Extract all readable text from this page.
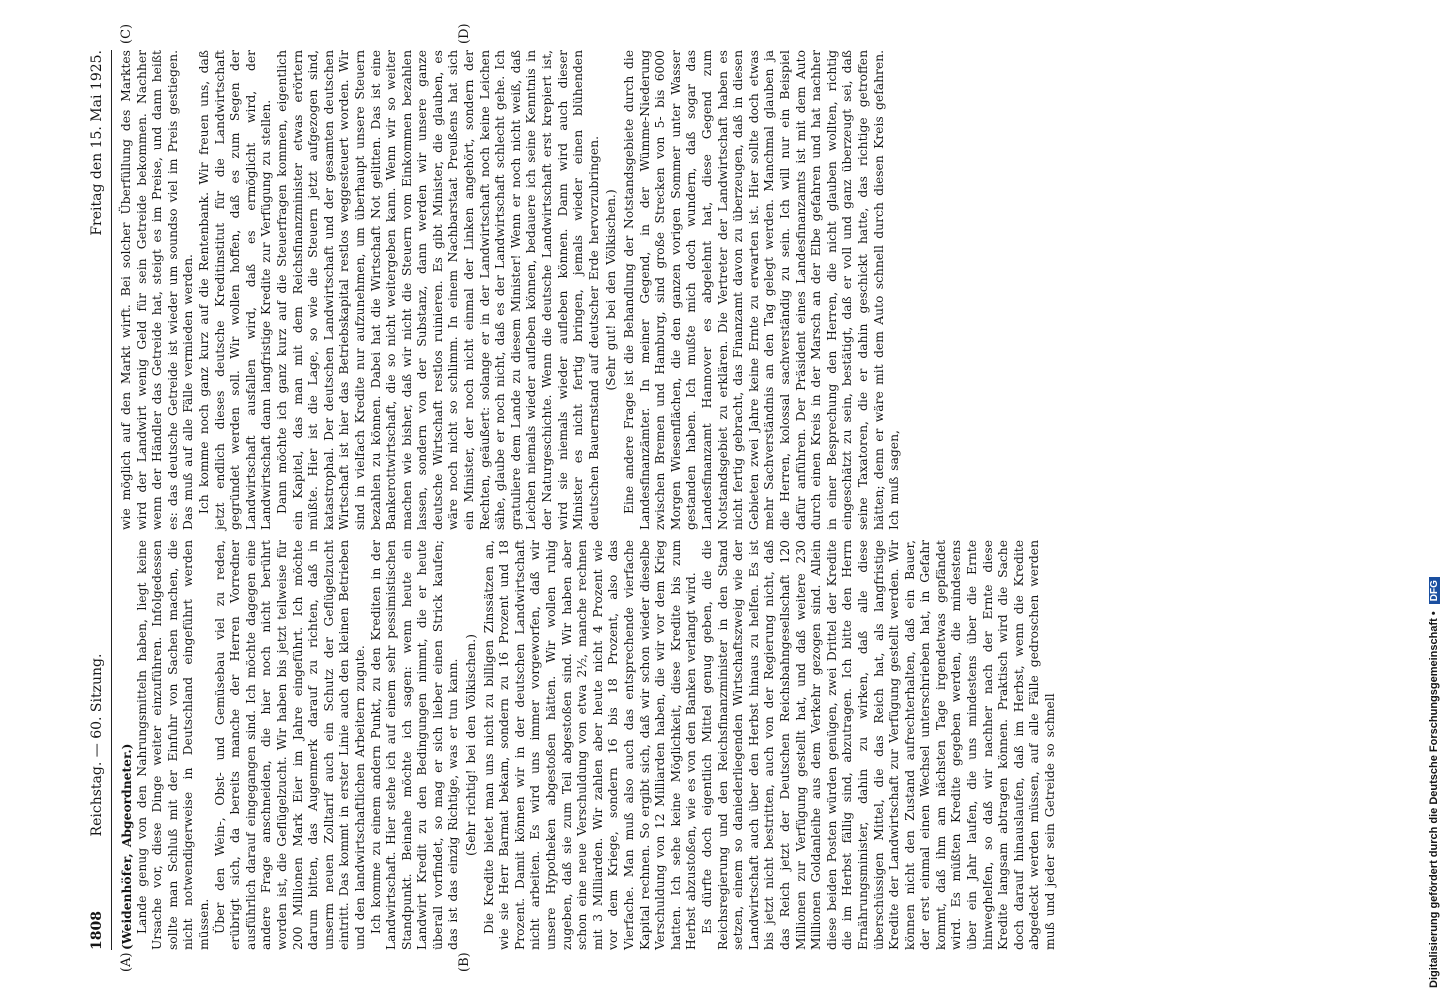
1808
Reichstag. — 60. Sitzung.
Freitag den 15. Mai 1925.
(A)	(B)
(C)	(D)

(Weidenhöfer, Abgeordneter.) Lande genug von den Nahrungsmitteln haben, liegt keine Ursache vor, diese Dinge weiter einzuführen. Infolgedessen sollte man Schluß mit der Einfuhr von Sachen machen, die nicht notwendigerweise in Deutschland eingeführt werden müssen. Über den Wein-, Obst- und Gemüsebau viel zu reden, erübrigt sich, da bereits manche der Herren Vorredner ausführlich darauf eingegangen sind. Ich möchte dagegen eine andere Frage anschneiden, die hier noch nicht berührt worden ist, die Geflügelzucht. Wir haben bis jetzt teilweise für 200 Millionen Mark Eier im Jahre eingeführt. Ich möchte darum bitten, das Augenmerk darauf zu richten, daß in unserm neuen Zolltarif auch ein Schutz der Geflügelzucht eintritt. Das kommt in erster Linie auch den kleinen Betrieben und den landwirtschaftlichen Arbeitern zugute. Ich komme zu einem andern Punkt, zu den Krediten in der Landwirtschaft. Hier stehe ich auf einem sehr pessimistischen Standpunkt. Beinahe möchte ich sagen: wenn heute ein Landwirt Kredit zu den Bedingungen nimmt, die er heute überall vorfindet, so mag er sich lieber einen Strick kaufen; das ist das einzig Richtige, was er tun kann. (Sehr richtig! bei den Völkischen.) Die Kredite bietet man uns nicht zu billigen Zinssätzen an, wie sie Herr Barmat bekam, sondern zu 16 Prozent und 18 Prozent. Damit können wir in der deutschen Landwirtschaft nicht arbeiten. Es wird uns immer vorgeworfen, daß wir unsere Hypotheken abgestoßen hätten. Wir wollen ruhig zugeben, daß sie zum Teil abgestoßen sind. Wir haben aber schon eine neue Verschuldung von etwa 2½, manche rechnen mit 3 Milliarden. Wir zahlen aber heute nicht 4 Prozent wie vor dem Kriege, sondern 16 bis 18 Prozent, also das Vierfache. Man muß also auch das entsprechende vierfache Kapital rechnen. So ergibt sich, daß wir schon wieder dieselbe Verschuldung von 12 Milliarden haben, die wir vor dem Krieg hatten. Ich sehe keine Möglichkeit, diese Kredite bis zum Herbst abzustoßen, wie es von den Banken verlangt wird. Es dürfte doch eigentlich Mittel genug geben, die die Reichsregierung und den Reichsfinanzminister in den Stand setzen, einem so daniederliegenden Wirtschaftszweig wie der Landwirtschaft auch über den Herbst hinaus zu helfen. Es ist bis jetzt nicht bestritten, auch von der Regierung nicht, daß das Reich jetzt der Deutschen Reichsbahngesellschaft 120 Millionen zur Verfügung gestellt hat, und daß weitere 230 Millionen Goldanleihe aus dem Verkehr gezogen sind. Allein diese beiden Posten würden genügen, zwei Drittel der Kredite die im Herbst fällig sind, abzutragen. Ich bitte den Herrn Ernährungsminister, dahin zu wirken, daß alle diese überschüssigen Mittel, die das Reich hat, als langfristige Kredite der Landwirtschaft zur Verfügung gestellt werden. Wir können nicht den Zustand aufrechterhalten, daß ein Bauer, der erst einmal einen Wechsel unterschrieben hat, in Gefahr kommt, daß ihm am nächsten Tage irgendetwas gepfändet wird. Es müßten Kredite gegeben werden, die mindestens über ein Jahr laufen, die uns mindestens über die Ernte hinweghelfen, so daß wir nachher nach der Ernte diese Kredite langsam abtragen können. Praktisch wird die Sache doch darauf hinauslaufen, daß im Herbst, wenn die Kredite abgedeckt werden müssen, auf alle Fälle gedroschen werden muß und jeder sein Getreide so schnell

wie möglich auf den Markt wirft. Bei solcher Überfüllung des Marktes wird der Landwirt wenig Geld für sein Getreide bekommen. Nachher wenn der Händler das Getreide hat, steigt es im Preise, und dann heißt es: das deutsche Getreide ist wieder um soundso viel im Preis gestiegen. Das muß auf alle Fälle vermieden werden. Ich komme noch ganz kurz auf die Rentenbank. Wir freuen uns, daß jetzt endlich dieses deutsche Kreditinstitut für die Landwirtschaft gegründet werden soll. Wir wollen hoffen, daß es zum Segen der Landwirtschaft ausfallen wird, daß es ermöglicht wird, der Landwirtschaft dann langfristige Kredite zur Verfügung zu stellen. Dann möchte ich ganz kurz auf die Steuerfragen kommen, eigentlich ein Kapitel, das man mit dem Reichsfinanzminister etwas erörtern müßte. Hier ist die Lage, so wie die Steuern jetzt aufgezogen sind, katastrophal. Der deutschen Landwirtschaft und der gesamten deutschen Wirtschaft ist hier das Betriebskapital restlos weggesteuert worden. Wir sind in vielfach Kredite nur aufzunehmen, um überhaupt unsere Steuern bezahlen zu können. Dabei hat die Wirtschaft Not gelitten. Das ist eine Bankerottwirtschaft, die so nicht weitergeben kann. Wenn wir so weiter machen wie bisher, daß wir nicht die Steuern vom Einkommen bezahlen lassen, sondern von der Substanz, dann werden wir unsere ganze deutsche Wirtschaft restlos ruinieren. Es gibt Minister, die glauben, es wäre noch nicht so schlimm. In einem Nachbarstaat Preußens hat sich ein Minister, der noch nicht einmal der Linken angehört, sondern der Rechten, geäußert: solange er in der Landwirtschaft noch keine Leichen sähe, glaube er noch nicht, daß es der Landwirtschaft schlecht gehe. Ich gratuliere dem Lande zu diesem Minister! Wenn er noch nicht weiß, daß Leichen niemals wieder aufleben können, bedauere ich seine Kenntnis in der Naturgeschichte. Wenn die deutsche Landwirtschaft erst krepiert ist, wird sie niemals wieder aufleben können. Dann wird auch dieser Minister es nicht fertig bringen, jemals wieder einen blühenden deutschen Bauernstand auf deutscher Erde hervorzubringen. (Sehr gut! bei den Völkischen.) Eine andere Frage ist die Behandlung der Notstandsgebiete durch die Landesfinanzämter. In meiner Gegend, in der Wümme-Niederung zwischen Bremen und Hamburg, sind große Strecken von 5- bis 6000 Morgen Wiesenflächen, die den ganzen vorigen Sommer unter Wasser gestanden haben. Ich mußte mich doch wundern, daß sogar das Landesfinanzamt Hannover es abgelehnt hat, diese Gegend zum Notstandsgebiet zu erklären. Die Vertreter der Landwirtschaft haben es nicht fertig gebracht, das Finanzamt davon zu überzeugen, daß in diesen Gebieten zwei Jahre keine Ernte zu erwarten ist. Hier sollte doch etwas mehr Sachverständnis an den Tag gelegt werden. Manchmal glauben ja die Herren, kolossal sachverständig zu sein. Ich will nur ein Beispiel dafür anführen. Der Präsident eines Landesfinanzamts ist mit dem Auto durch einen Kreis in der Marsch an der Elbe gefahren und hat nachher in einer Besprechung den Herren, die nicht glauben wollten, richtig eingeschätzt zu sein, bestätigt, daß er voll und ganz überzeugt sei, daß seine Taxatoren, die er dahin geschickt hatte, das richtige getroffen hätten; denn er wäre mit dem Auto schnell durch diesen Kreis gefahren. Ich muß sagen,

Digitalisierung gefördert durch die Deutsche Forschungsgemeinschaft • DFG
